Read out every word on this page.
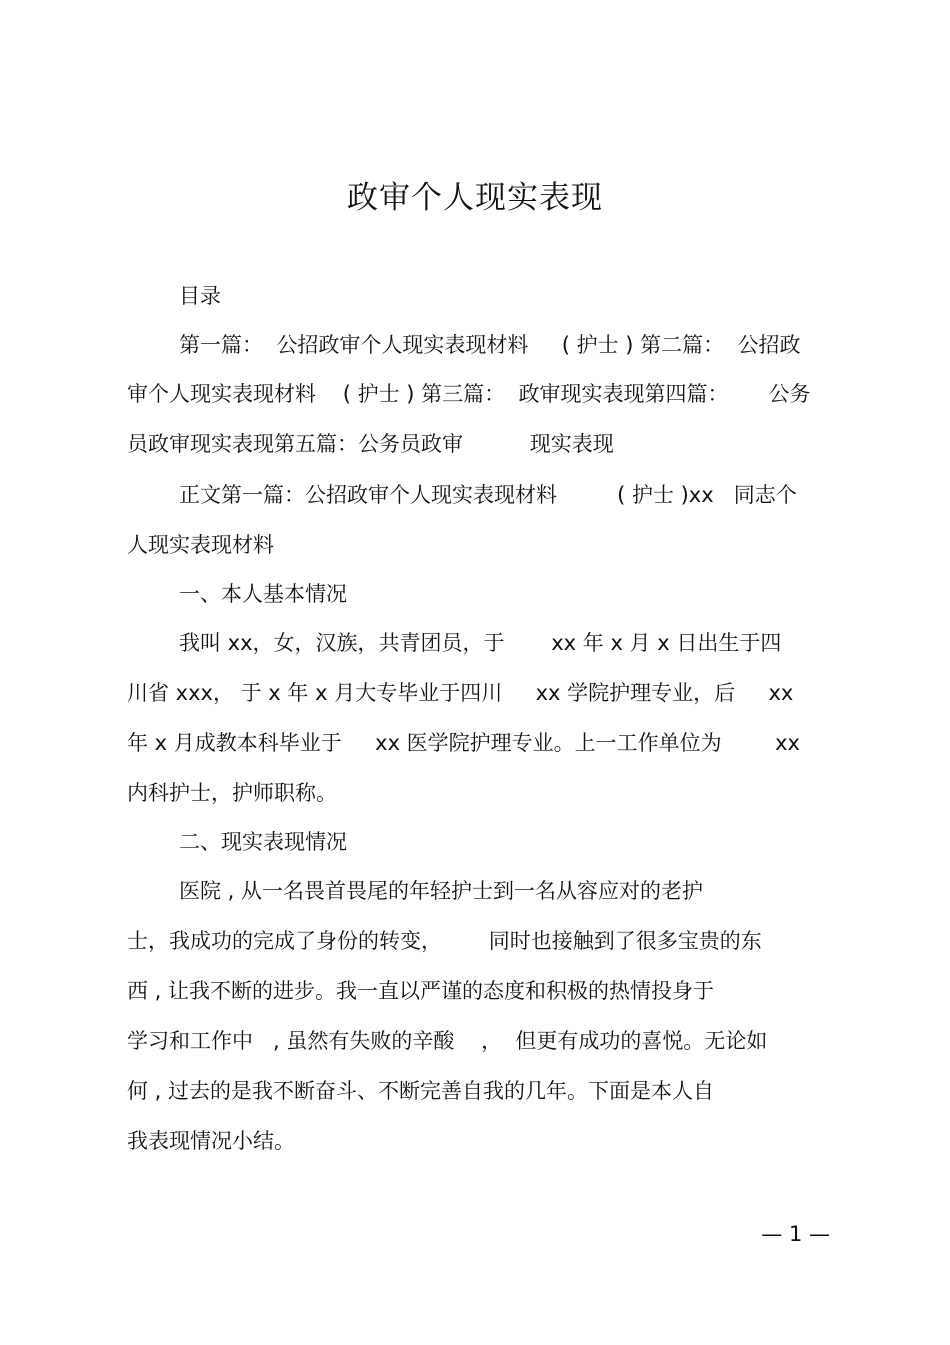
政审个人现实表现
目录
第一篇：  公招政审个人现实表现材料     ( 护士 ) 第二篇：  公招政
审个人现实表现材料    ( 护士 ) 第三篇：  政审现实表现第四篇：      公务
员政审现实表现第五篇：公务员政审          现实表现
正文第一篇：公招政审个人现实表现材料         ( 护士 )xx   同志个
人现实表现材料
一、本人基本情况
我叫 xx，女，汉族，共青团员，于       xx 年 x 月 x 日出生于四
川省 xxx， 于 x 年 x 月大专毕业于四川     xx 学院护理专业，后     xx
年 x 月成教本科毕业于     xx 医学院护理专业。上一工作单位为        xx
内科护士，护师职称。
二、现实表现情况
医院 , 从一名畏首畏尾的年轻护士到一名从容应对的老护
士，我成功的完成了身份的转变，       同时也接触到了很多宝贵的东
西 , 让我不断的进步。我一直以严谨的态度和积极的热情投身于
学习和工作中   , 虽然有失败的辛酸    ，  但更有成功的喜悦。无论如
何 , 过去的是我不断奋斗、不断完善自我的几年。下面是本人自
我表现情况小结。
— 1 —
